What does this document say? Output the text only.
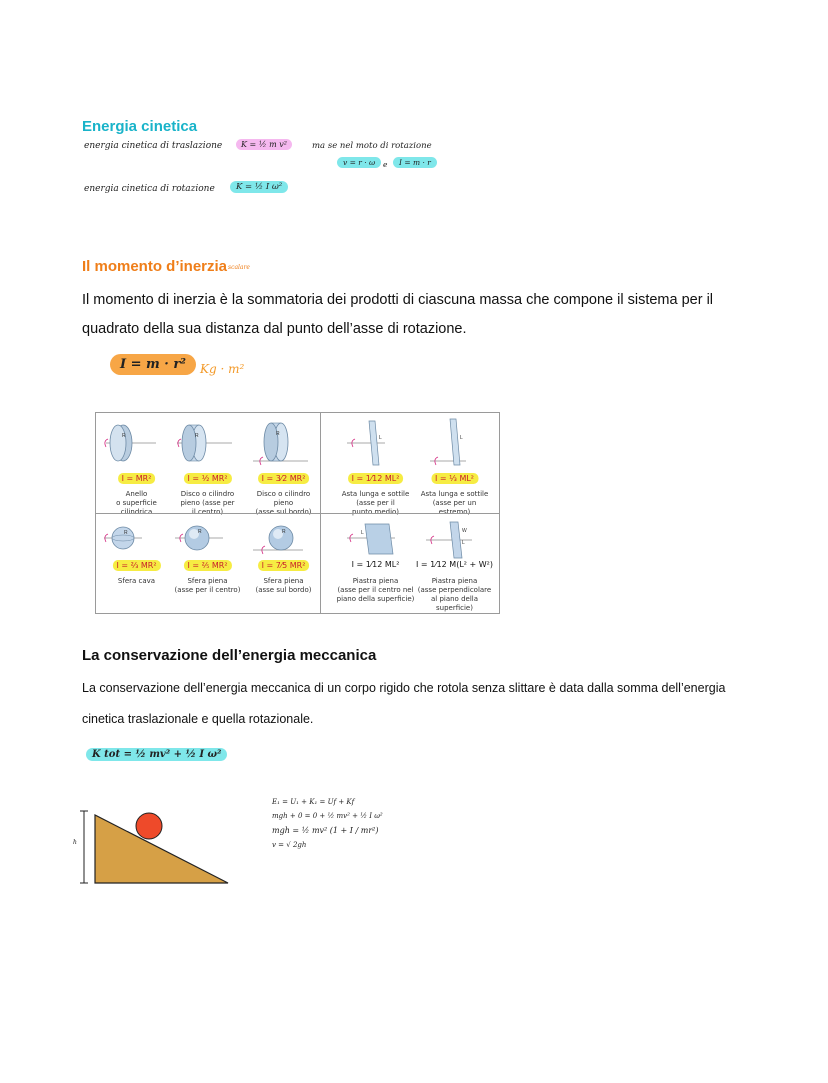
Energia cinetica
energia cinetica di traslazione	K = ½ m v²	ma se nel moto di rotazione
v = r · ω	e	I = m · r
energia cinetica di rotazione	K = ½ I ω²
Il momento d’inerzia scalare
Il momento di inerzia è la sommatoria dei prodotti di ciascuna massa che compone il sistema per il
quadrato della sua distanza dal punto dell’asse di rotazione.
I = m · r²	Kg · m²
R
I = MR²
Anello
o superficie
cilindrica
R
I = ½ MR²
Disco o cilindro
pieno (asse per
il centro)
R
I = 3⁄2 MR²
Disco o cilindro
pieno
(asse sul bordo)
L
I = 1⁄12 ML²
Asta lunga e sottile
(asse per il
punto medio)
L
I = ⅓ ML²
Asta lunga e sottile
(asse per un
estremo)
R
I = ⅔ MR²
Sfera cava
R
I = ⅖ MR²
Sfera piena
(asse per il centro)
R
I = 7⁄5 MR²
Sfera piena
(asse sul bordo)
L
I = 1⁄12 ML²
Piastra piena
(asse per il centro nel
piano della superficie)
W
L
I = 1⁄12 M(L² + W²)
Piastra piena
(asse perpendicolare
al piano della superficie)
La conservazione dell’energia meccanica
La conservazione dell’energia meccanica di un corpo rigido che rotola senza slittare è data dalla somma dell’energia
cinetica traslazionale e quella rotazionale.
K tot = ½ mv² + ½ I ω²
h
E₁ = U₁ + K₁ = Uf + Kf
mgh + 0 = 0 + ½ mv² + ½ I ω²
mgh = ½ mv² (1 + I / mr²)
v = √ 2gh
